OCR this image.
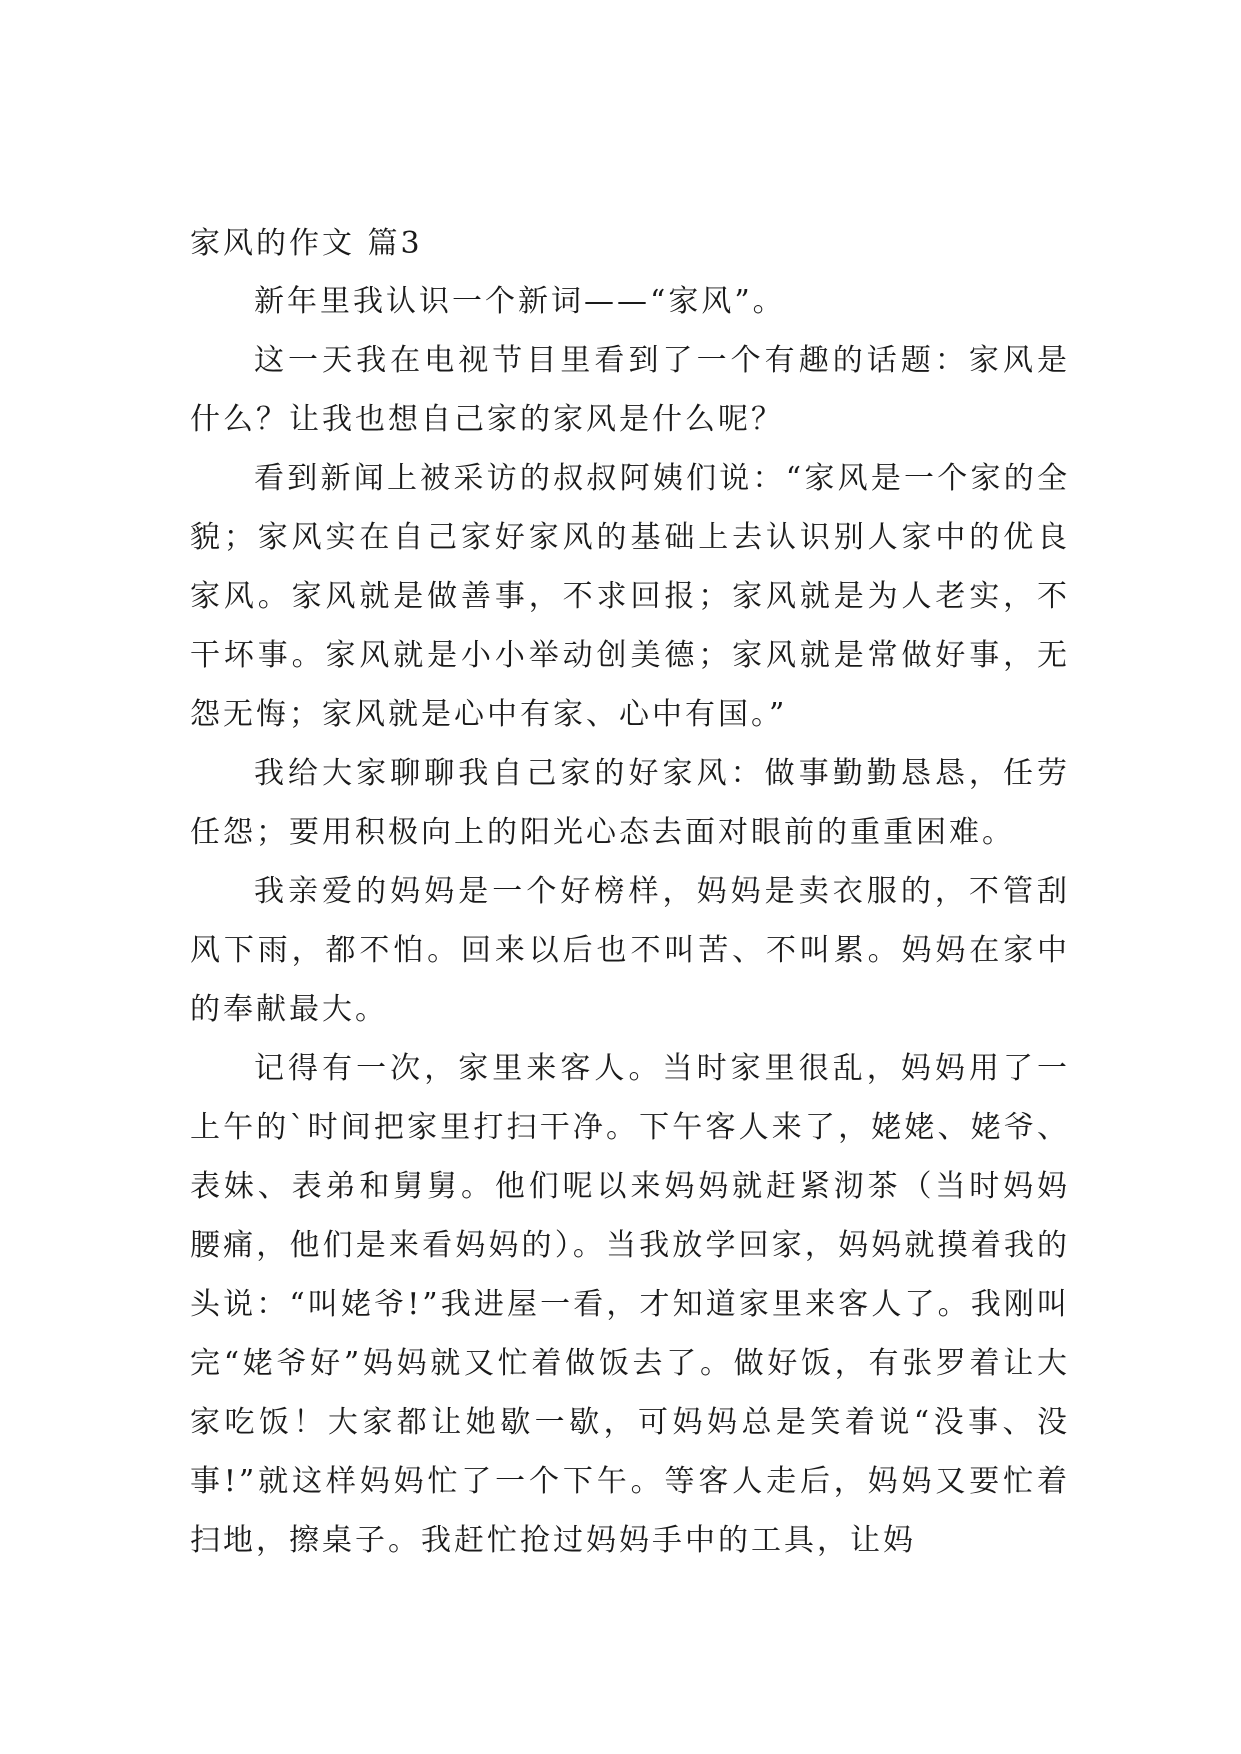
家风的作文 篇3

新年里我认识一个新词——“家风”。

这一天我在电视节目里看到了一个有趣的话题：家风是什么？让我也想自己家的家风是什么呢？

看到新闻上被采访的叔叔阿姨们说：“家风是一个家的全貌；家风实在自己家好家风的基础上去认识别人家中的优良家风。家风就是做善事，不求回报；家风就是为人老实，不干坏事。家风就是小小举动创美德；家风就是常做好事，无怨无悔；家风就是心中有家、心中有国。”

我给大家聊聊我自己家的好家风：做事勤勤恳恳，任劳任怨；要用积极向上的阳光心态去面对眼前的重重困难。

我亲爱的妈妈是一个好榜样，妈妈是卖衣服的，不管刮风下雨，都不怕。回来以后也不叫苦、不叫累。妈妈在家中的奉献最大。

记得有一次，家里来客人。当时家里很乱，妈妈用了一上午的`时间把家里打扫干净。下午客人来了，姥姥、姥爷、表妹、表弟和舅舅。他们呢以来妈妈就赶紧沏茶（当时妈妈腰痛，他们是来看妈妈的）。当我放学回家，妈妈就摸着我的头说：“叫姥爷!”我进屋一看，才知道家里来客人了。我刚叫完“姥爷好”妈妈就又忙着做饭去了。做好饭，有张罗着让大家吃饭！大家都让她歇一歇，可妈妈总是笑着说“没事、没事!”就这样妈妈忙了一个下午。等客人走后，妈妈又要忙着扫地，擦桌子。我赶忙抢过妈妈手中的工具，让妈
